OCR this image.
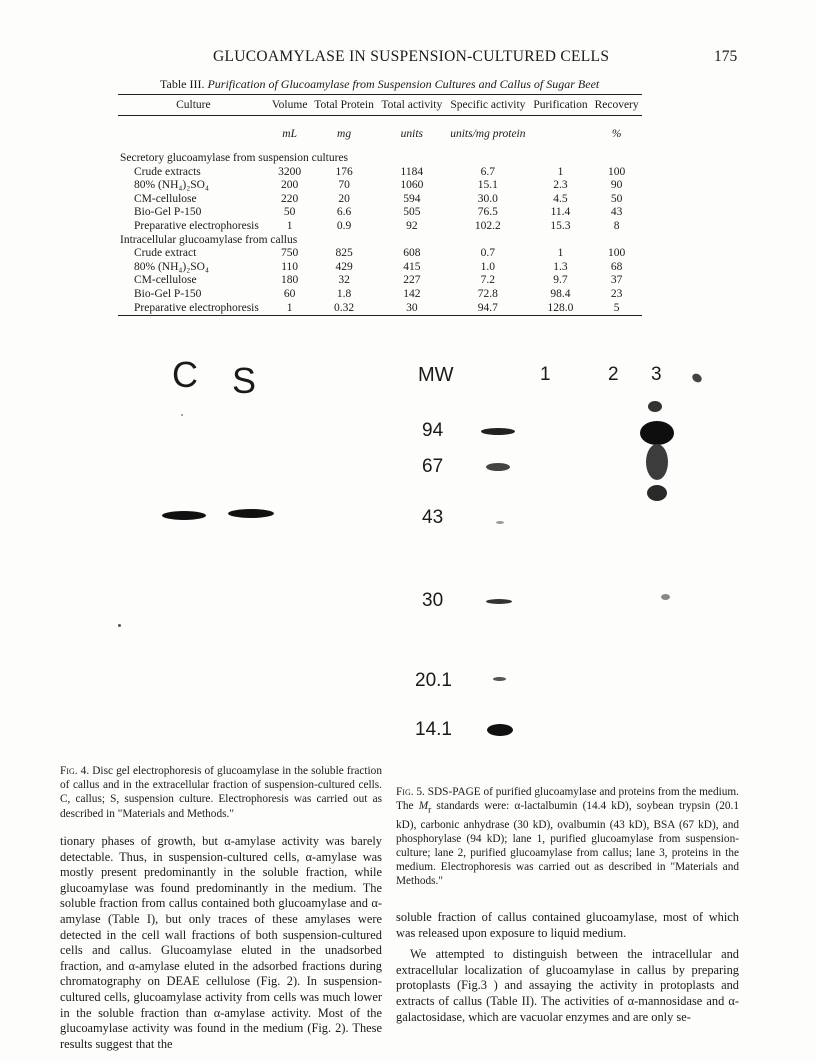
GLUCOAMYLASE IN SUSPENSION-CULTURED CELLS	175
Table III. Purification of Glucoamylase from Suspension Cultures and Callus of Sugar Beet
Culture	Volume	Total Protein	Total activity	Specific activity	Purification	Recovery
	mL	mg	units	units/mg protein		%
Secretory glucoamylase from suspension cultures						
Crude extracts	3200	176	1184	6.7	1	100
80% (NH₄)₂SO₄	200	70	1060	15.1	2.3	90
CM-cellulose	220	20	594	30.0	4.5	50
Bio-Gel P-150	50	6.6	505	76.5	11.4	43
Preparative electrophoresis	1	0.9	92	102.2	15.3	8
Intracellular glucoamylase from callus						
Crude extract	750	825	608	0.7	1	100
80% (NH₄)₂SO₄	110	429	415	1.0	1.3	68
CM-cellulose	180	32	227	7.2	9.7	37
Bio-Gel P-150	60	1.8	142	72.8	98.4	23
Preparative electrophoresis	1	0.32	30	94.7	128.0	5
C S	MW	1	2 3
94
67
43
30
20.1
14.1
Fig. 4. Disc gel electrophoresis of glucoamylase in the soluble fraction of callus and in the extracellular fraction of suspension-cultured cells. C, callus; S, suspension culture. Electrophoresis was carried out as described in "Materials and Methods."
Fig. 5. SDS-PAGE of purified glucoamylase and proteins from the medium. The $M_r$ standards were: α-lactalbumin (14.4 kD), soybean trypsin (20.1 kD), carbonic anhydrase (30 kD), ovalbumin (43 kD), BSA (67 kD), and phosphorylase (94 kD); lane 1, purified glucoamylase from suspension-culture; lane 2, purified glucoamylase from callus; lane 3, proteins in the medium. Electrophoresis was carried out as described in "Materials and Methods."

tionary phases of growth, but α-amylase activity was barely detectable. Thus, in suspension-cultured cells, α-amylase was mostly present predominantly in the soluble fraction, while glucoamylase was found predominantly in the medium. The soluble fraction from callus contained both glucoamylase and α-amylase (Table I), but only traces of these amylases were detected in the cell wall fractions of both suspension-cultured cells and callus. Glucoamylase eluted in the unadsorbed fraction, and α-amylase eluted in the adsorbed fractions during chromatography on DEAE cellulose (Fig. 2). In suspension-cultured cells, glucoamylase activity from cells was much lower in the soluble fraction than α-amylase activity. Most of the glucoamylase activity was found in the medium (Fig. 2). These results suggest that the

soluble fraction of callus contained glucoamylase, most of which was released upon exposure to liquid medium.

We attempted to distinguish between the intracellular and extracellular localization of glucoamylase in callus by preparing protoplasts (Fig.3 ) and assaying the activity in protoplasts and extracts of callus (Table II). The activities of α-mannosidase and α-galactosidase, which are vacuolar enzymes and are only se-
